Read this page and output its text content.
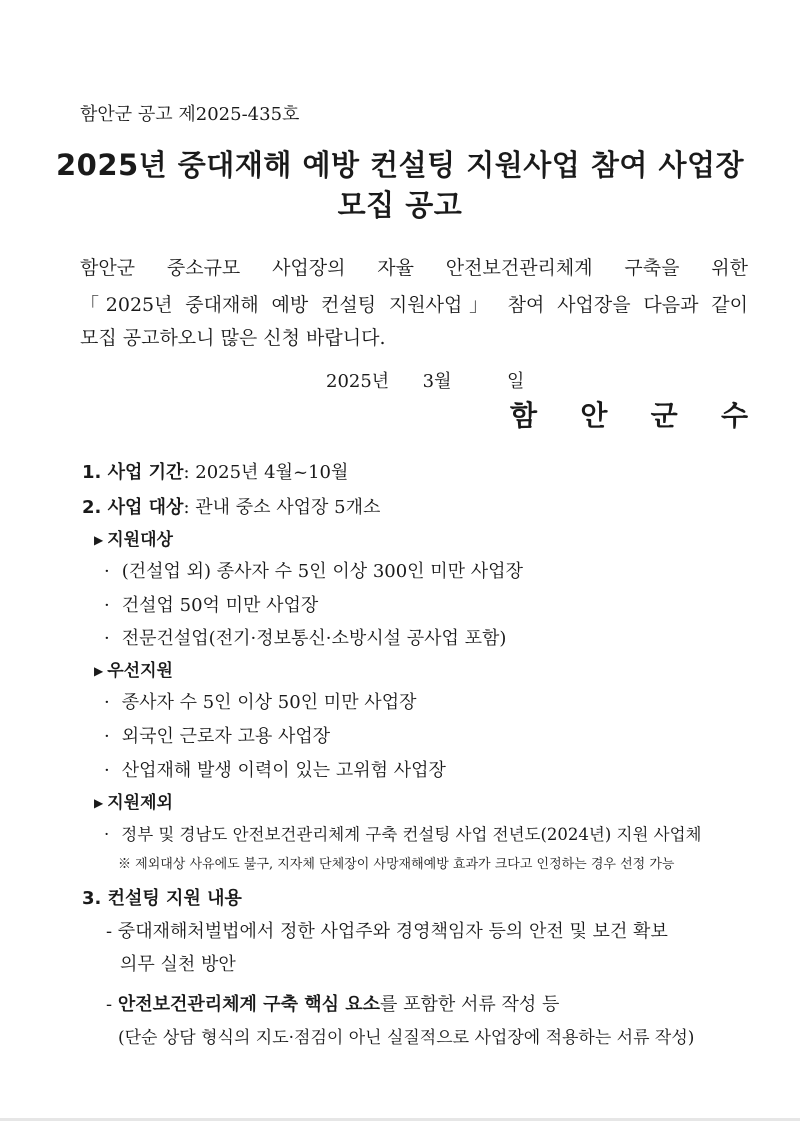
함안군 공고 제2025-435호
2025년 중대재해 예방 컨설팅 지원사업 참여 사업장
모집 공고
함안군 중소규모 사업장의 자율 안전보건관리체계 구축을 위한
「2025년 중대재해 예방 컨설팅 지원사업」 참여 사업장을 다음과 같이
모집 공고하오니 많은 신청 바랍니다.
2025년 3월	일
함 안 군 수
1. 사업 기간: 2025년 4월~10월
2. 사업 대상: 관내 중소 사업장 5개소
▶ 지원대상
· (건설업 외) 종사자 수 5인 이상 300인 미만 사업장
· 건설업 50억 미만 사업장
· 전문건설업(전기·정보통신·소방시설 공사업 포함)
▶ 우선지원
· 종사자 수 5인 이상 50인 미만 사업장
· 외국인 근로자 고용 사업장
· 산업재해 발생 이력이 있는 고위험 사업장
▶ 지원제외
· 정부 및 경남도 안전보건관리체계 구축 컨설팅 사업 전년도(2024년) 지원 사업체
※ 제외대상 사유에도 불구, 지자체 단체장이 사망재해예방 효과가 크다고 인정하는 경우 선정 가능
3. 컨설팅 지원 내용
- 중대재해처벌법에서 정한 사업주와 경영책임자 등의 안전 및 보건 확보
의무 실천 방안
- 안전보건관리체계 구축 핵심 요소를 포함한 서류 작성 등
(단순 상담 형식의 지도·점검이 아닌 실질적으로 사업장에 적용하는 서류 작성)
